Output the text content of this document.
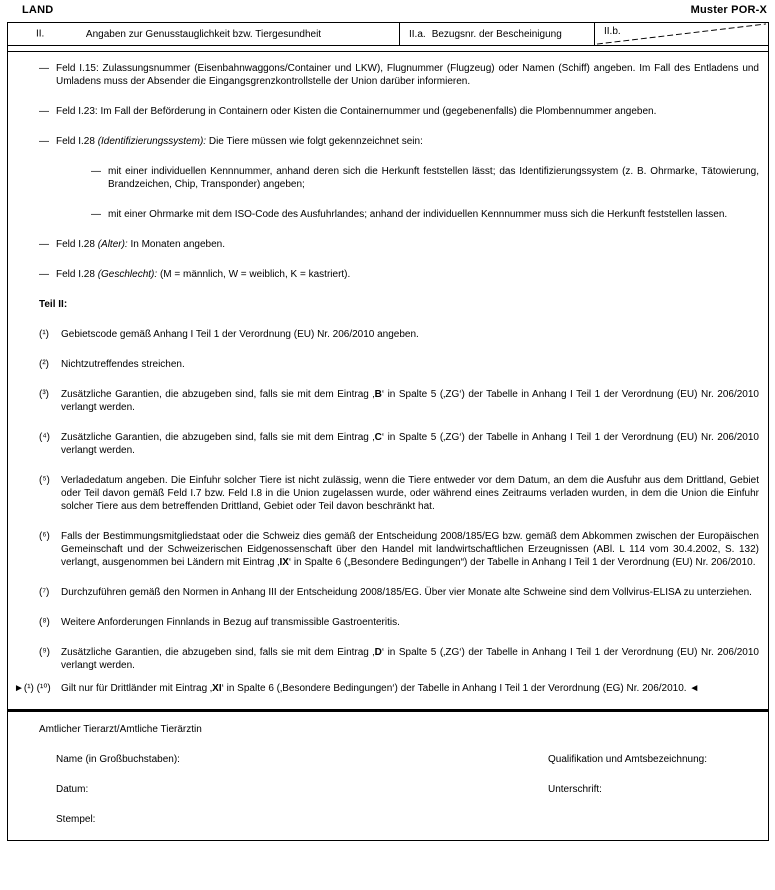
LAND	Muster POR-X
II.	Angaben zur Genusstauglichkeit bzw. Tiergesundheit	II.a. Bezugsnr. der Bescheinigung	II.b.
— Feld I.15: Zulassungsnummer (Eisenbahnwaggons/Container und LKW), Flugnummer (Flugzeug) oder Namen (Schiff) angeben. Im Fall des Entladens und Umladens muss der Absender die Eingangsgrenzkontrollstelle der Union darüber informieren.
— Feld I.23: Im Fall der Beförderung in Containern oder Kisten die Containernummer und (gegebenenfalls) die Plombennummer angeben.
— Feld I.28 (Identifizierungssystem): Die Tiere müssen wie folgt gekennzeichnet sein:
— mit einer individuellen Kennnummer, anhand deren sich die Herkunft feststellen lässt; das Identifizierungssystem (z. B. Ohrmarke, Tätowierung, Brandzeichen, Chip, Transponder) angeben;
— mit einer Ohrmarke mit dem ISO-Code des Ausfuhrlandes; anhand der individuellen Kennnummer muss sich die Herkunft feststellen lassen.
— Feld I.28 (Alter): In Monaten angeben.
— Feld I.28 (Geschlecht): (M = männlich, W = weiblich, K = kastriert).
Teil II:
(¹) Gebietscode gemäß Anhang I Teil 1 der Verordnung (EU) Nr. 206/2010 angeben.
(²) Nichtzutreffendes streichen.
(³) Zusätzliche Garantien, die abzugeben sind, falls sie mit dem Eintrag ‚B‘ in Spalte 5 (‚ZG‘) der Tabelle in Anhang I Teil 1 der Verordnung (EU) Nr. 206/2010 verlangt werden.
(⁴) Zusätzliche Garantien, die abzugeben sind, falls sie mit dem Eintrag ‚C‘ in Spalte 5 (‚ZG‘) der Tabelle in Anhang I Teil 1 der Verordnung (EU) Nr. 206/2010 verlangt werden.
(⁵) Verladedatum angeben. Die Einfuhr solcher Tiere ist nicht zulässig, wenn die Tiere entweder vor dem Datum, an dem die Ausfuhr aus dem Drittland, Gebiet oder Teil davon gemäß Feld I.7 bzw. Feld I.8 in die Union zugelassen wurde, oder während eines Zeitraums verladen wurden, in dem die Union die Einfuhr solcher Tiere aus dem betreffenden Drittland, Gebiet oder Teil davon beschränkt hat.
(⁶) Falls der Bestimmungsmitgliedstaat oder die Schweiz dies gemäß der Entscheidung 2008/185/EG bzw. gemäß dem Abkommen zwischen der Europäischen Gemeinschaft und der Schweizerischen Eidgenossenschaft über den Handel mit landwirtschaftlichen Erzeugnissen (ABl. L 114 vom 30.4.2002, S. 132) verlangt, ausgenommen bei Ländern mit Eintrag ‚IX‘ in Spalte 6 („Besondere Bedingungen“) der Tabelle in Anhang I Teil 1 der Verordnung (EU) Nr. 206/2010.
(⁷) Durchzuführen gemäß den Normen in Anhang III der Entscheidung 2008/185/EG. Über vier Monate alte Schweine sind dem Vollvirus-ELISA zu unterziehen.
(⁸) Weitere Anforderungen Finnlands in Bezug auf transmissible Gastroenteritis.
(⁹) Zusätzliche Garantien, die abzugeben sind, falls sie mit dem Eintrag ‚D‘ in Spalte 5 (‚ZG‘) der Tabelle in Anhang I Teil 1 der Verordnung (EU) Nr. 206/2010 verlangt werden.
►(¹) (¹⁰) Gilt nur für Drittländer mit Eintrag ‚XI‘ in Spalte 6 (‚Besondere Bedingungen‘) der Tabelle in Anhang I Teil 1 der Verordnung (EG) Nr. 206/2010. ◄
Amtlicher Tierarzt/Amtliche Tierärztin
Name (in Großbuchstaben):	Qualifikation und Amtsbezeichnung:
Datum:	Unterschrift:
Stempel:
